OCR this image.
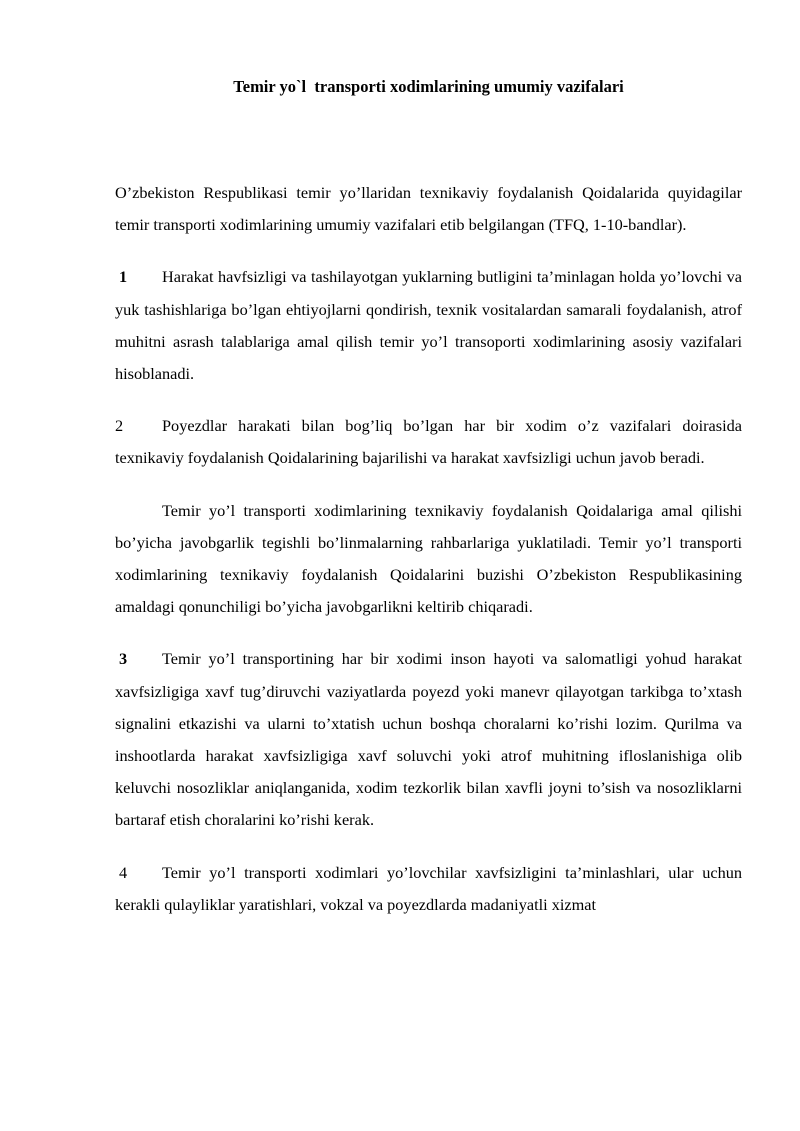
Temir yo`l  transporti xodimlarining umumiy vazifalari

O’zbekiston Respublikasi temir yo’llaridan texnikaviy foydalanish Qoidalarida quyidagilar temir transporti xodimlarining umumiy vazifalari etib belgilangan (TFQ, 1-10-bandlar).

1 Harakat havfsizligi va tashilayotgan yuklarning butligini ta’minlagan holda yo’lovchi va yuk tashishlariga bo’lgan ehtiyojlarni qondirish, texnik vositalardan samarali foydalanish, atrof muhitni asrash talablariga amal qilish temir yo’l transoporti xodimlarining asosiy vazifalari hisoblanadi.

2 Poyezdlar harakati bilan bog’liq bo’lgan har bir xodim o’z vazifalari doirasida texnikaviy foydalanish Qoidalarining bajarilishi va harakat xavfsizligi uchun javob beradi.

Temir yo’l transporti xodimlarining texnikaviy foydalanish Qoidalariga amal qilishi bo’yicha javobgarlik tegishli bo’linmalarning rahbarlariga yuklatiladi. Temir yo’l transporti xodimlarining texnikaviy foydalanish Qoidalarini buzishi O’zbekiston Respublikasining amaldagi qonunchiligi bo’yicha javobgarlikni keltirib chiqaradi.

3 Temir yo’l transportining har bir xodimi inson hayoti va salomatligi yohud harakat xavfsizligiga xavf tug’diruvchi vaziyatlarda poyezd yoki manevr qilayotgan tarkibga to’xtash signalini etkazishi va ularni to’xtatish uchun boshqa choralarni ko’rishi lozim. Qurilma va inshootlarda harakat xavfsizligiga xavf soluvchi yoki atrof muhitning ifloslanishiga olib keluvchi nosozliklar aniqlanganida, xodim tezkorlik bilan xavfli joyni to’sish va nosozliklarni bartaraf etish choralarini ko’rishi kerak.

4 Temir yo’l transporti xodimlari yo’lovchilar xavfsizligini ta’minlashlari, ular uchun kerakli qulayliklar yaratishlari, vokzal va poyezdlarda madaniyatli xizmat
